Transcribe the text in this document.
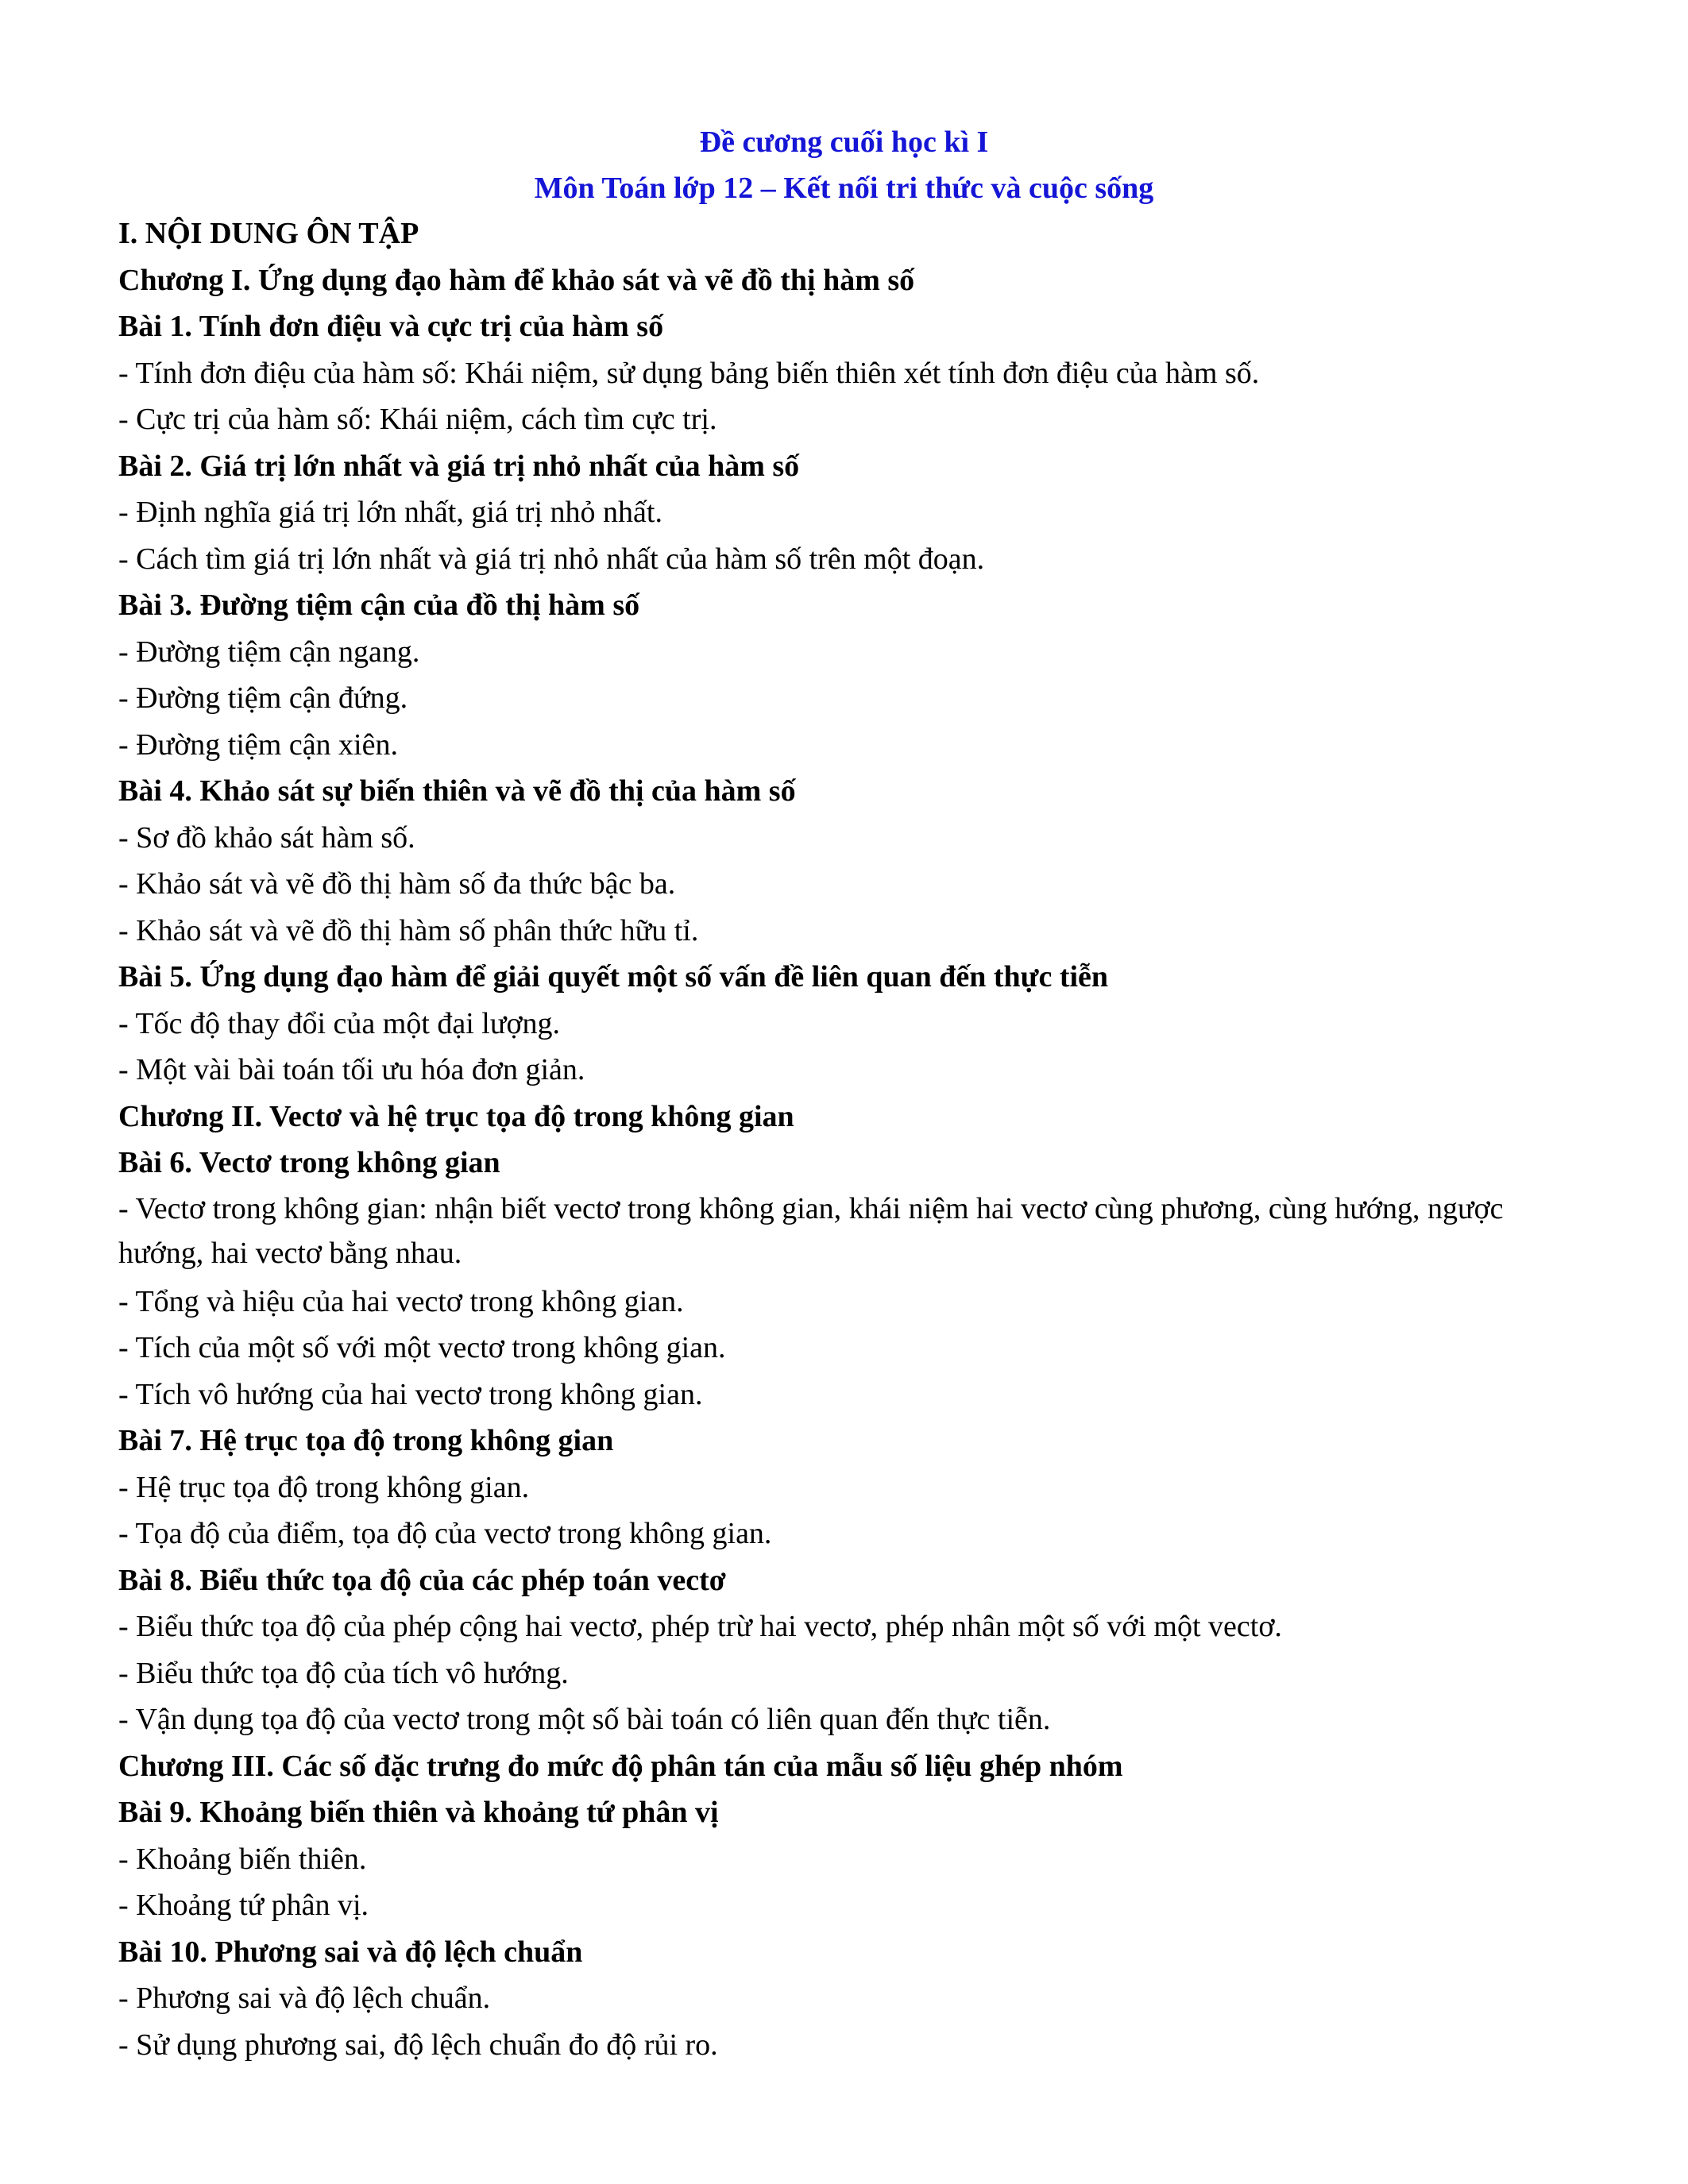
Đề cương cuối học kì I
Môn Toán lớp 12 – Kết nối tri thức và cuộc sống
I. NỘI DUNG ÔN TẬP
Chương I. Ứng dụng đạo hàm để khảo sát và vẽ đồ thị hàm số
Bài 1. Tính đơn điệu và cực trị của hàm số
- Tính đơn điệu của hàm số: Khái niệm, sử dụng bảng biến thiên xét tính đơn điệu của hàm số.
- Cực trị của hàm số: Khái niệm, cách tìm cực trị.
Bài 2. Giá trị lớn nhất và giá trị nhỏ nhất của hàm số
- Định nghĩa giá trị lớn nhất, giá trị nhỏ nhất.
- Cách tìm giá trị lớn nhất và giá trị nhỏ nhất của hàm số trên một đoạn.
Bài 3. Đường tiệm cận của đồ thị hàm số
- Đường tiệm cận ngang.
- Đường tiệm cận đứng.
- Đường tiệm cận xiên.
Bài 4. Khảo sát sự biến thiên và vẽ đồ thị của hàm số
- Sơ đồ khảo sát hàm số.
- Khảo sát và vẽ đồ thị hàm số đa thức bậc ba.
- Khảo sát và vẽ đồ thị hàm số phân thức hữu tỉ.
Bài 5. Ứng dụng đạo hàm để giải quyết một số vấn đề liên quan đến thực tiễn
- Tốc độ thay đổi của một đại lượng.
- Một vài bài toán tối ưu hóa đơn giản.
Chương II. Vectơ và hệ trục tọa độ trong không gian
Bài 6. Vectơ trong không gian
- Vectơ trong không gian: nhận biết vectơ trong không gian, khái niệm hai vectơ cùng phương, cùng hướng, ngược hướng, hai vectơ bằng nhau.
- Tổng và hiệu của hai vectơ trong không gian.
- Tích của một số với một vectơ trong không gian.
- Tích vô hướng của hai vectơ trong không gian.
Bài 7. Hệ trục tọa độ trong không gian
- Hệ trục tọa độ trong không gian.
- Tọa độ của điểm, tọa độ của vectơ trong không gian.
Bài 8. Biểu thức tọa độ của các phép toán vectơ
- Biểu thức tọa độ của phép cộng hai vectơ, phép trừ hai vectơ, phép nhân một số với một vectơ.
- Biểu thức tọa độ của tích vô hướng.
- Vận dụng tọa độ của vectơ trong một số bài toán có liên quan đến thực tiễn.
Chương III. Các số đặc trưng đo mức độ phân tán của mẫu số liệu ghép nhóm
Bài 9. Khoảng biến thiên và khoảng tứ phân vị
- Khoảng biến thiên.
- Khoảng tứ phân vị.
Bài 10. Phương sai và độ lệch chuẩn
- Phương sai và độ lệch chuẩn.
- Sử dụng phương sai, độ lệch chuẩn đo độ rủi ro.
